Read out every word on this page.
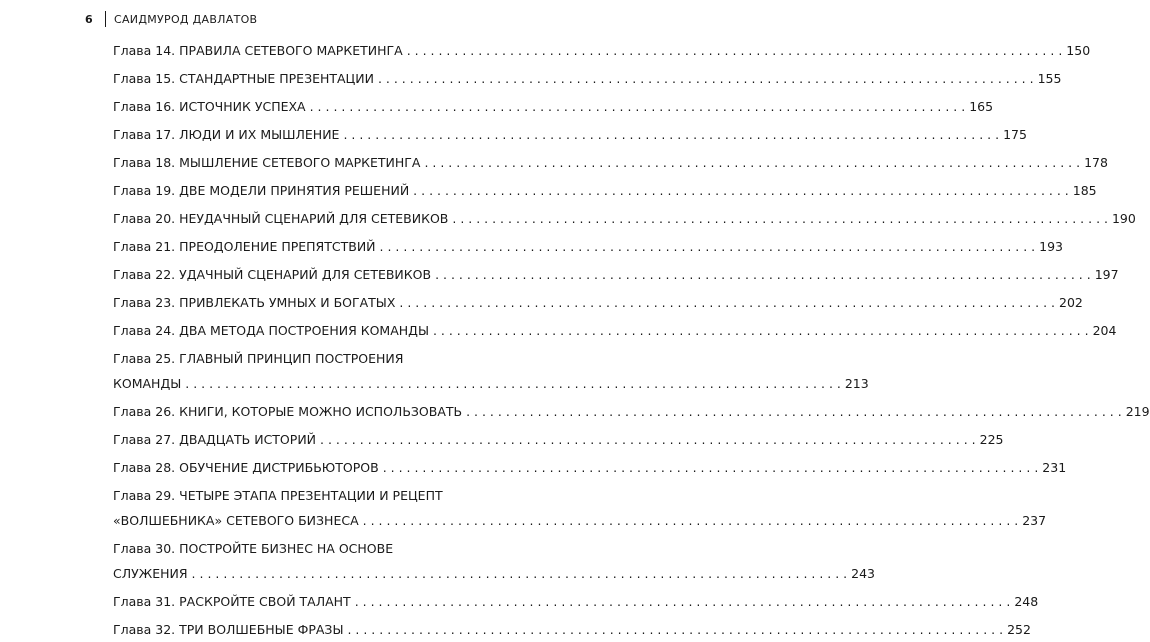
6	САИДМУРОД ДАВЛАТОВ
Глава 14. ПРАВИЛА СЕТЕВОГО МАРКЕТИНГА . . .	150
Глава 15. СТАНДАРТНЫЕ ПРЕЗЕНТАЦИИ . . .	155
Глава 16. ИСТОЧНИК УСПЕХА . . .	165
Глава 17. ЛЮДИ И ИХ МЫШЛЕНИЕ . . .	175
Глава 18. МЫШЛЕНИЕ СЕТЕВОГО МАРКЕТИНГА . . .	178
Глава 19. ДВЕ МОДЕЛИ ПРИНЯТИЯ РЕШЕНИЙ . . .	185
Глава 20. НЕУДАЧНЫЙ СЦЕНАРИЙ ДЛЯ СЕТЕВИКОВ . . .	190
Глава 21. ПРЕОДОЛЕНИЕ ПРЕПЯТСТВИЙ . . .	193
Глава 22. УДАЧНЫЙ СЦЕНАРИЙ ДЛЯ СЕТЕВИКОВ . . .	197
Глава 23. ПРИВЛЕКАТЬ УМНЫХ И БОГАТЫХ . . .	202
Глава 24. ДВА МЕТОДА ПОСТРОЕНИЯ КОМАНДЫ . . .	204
Глава 25. ГЛАВНЫЙ ПРИНЦИП ПОСТРОЕНИЯ
КОМАНДЫ . . .	213
Глава 26. КНИГИ, КОТОРЫЕ МОЖНО ИСПОЛЬЗОВАТЬ . . .	219
Глава 27. ДВАДЦАТЬ ИСТОРИЙ . . .	225
Глава 28. ОБУЧЕНИЕ ДИСТРИБЬЮТОРОВ . . .	231
Глава 29. ЧЕТЫРЕ ЭТАПА ПРЕЗЕНТАЦИИ И РЕЦЕПТ
«ВОЛШЕБНИКА» СЕТЕВОГО БИЗНЕСА . . .	237
Глава 30. ПОСТРОЙТЕ БИЗНЕС НА ОСНОВЕ
СЛУЖЕНИЯ . . .	243
Глава 31. РАСКРОЙТЕ СВОЙ ТАЛАНТ . . .	248
Глава 32. ТРИ ВОЛШЕБНЫЕ ФРАЗЫ . . .	252
